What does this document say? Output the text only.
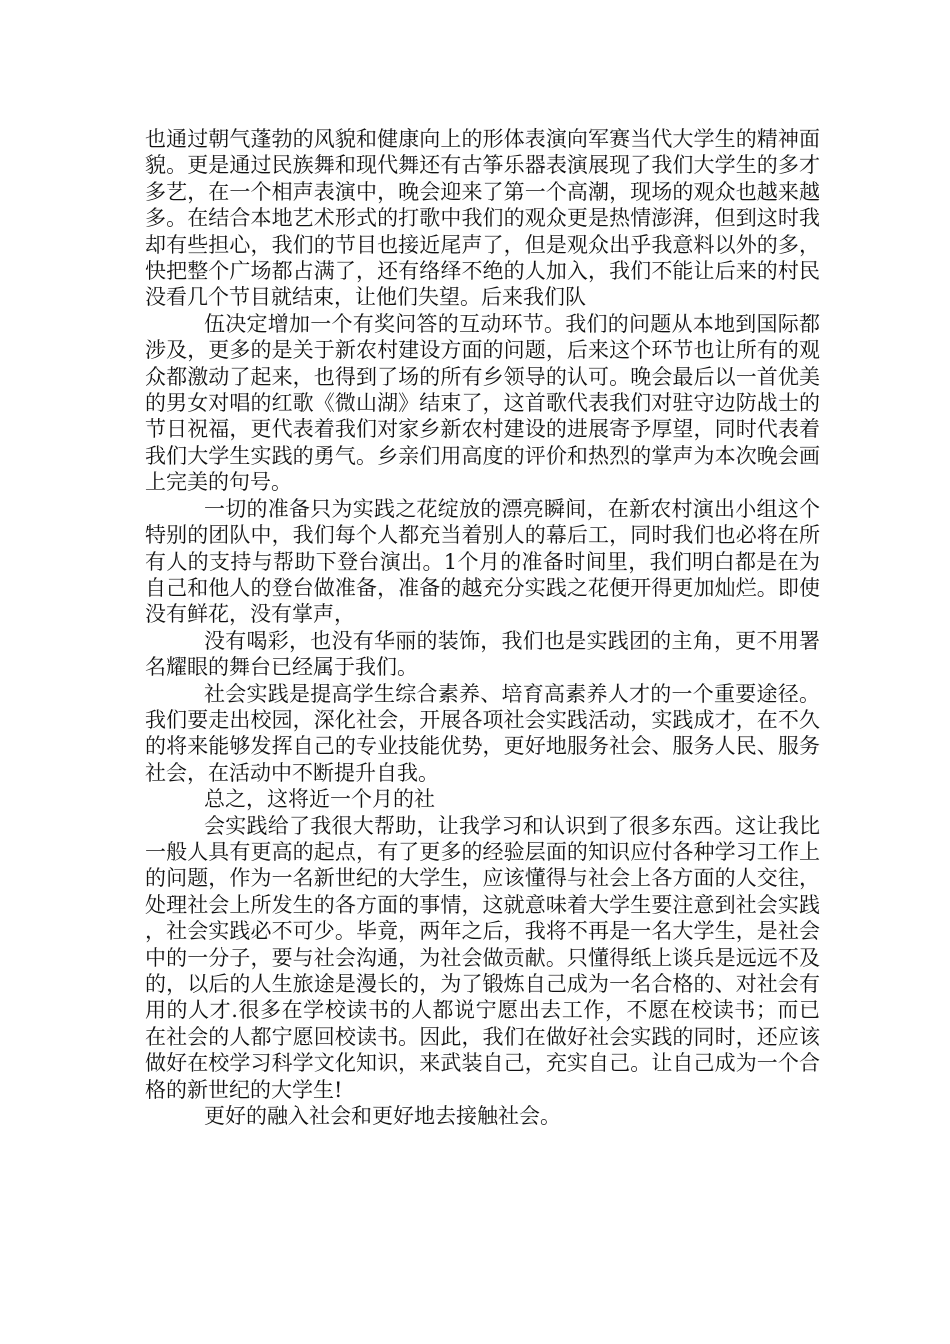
也通过朝气蓬勃的风貌和健康向上的形体表演向军赛当代大学生的精神面貌。更是通过民族舞和现代舞还有古筝乐器表演展现了我们大学生的多才多艺，在一个相声表演中，晚会迎来了第一个高潮，现场的观众也越来越多。在结合本地艺术形式的打歌中我们的观众更是热情澎湃，但到这时我却有些担心，我们的节目也接近尾声了，但是观众出乎我意料以外的多，快把整个广场都占满了，还有络绎不绝的人加入，我们不能让后来的村民没看几个节目就结束，让他们失望。后来我们队

伍决定增加一个有奖问答的互动环节。我们的问题从本地到国际都涉及，更多的是关于新农村建设方面的问题，后来这个环节也让所有的观众都激动了起来，也得到了场的所有乡领导的认可。晚会最后以一首优美的男女对唱的红歌《微山湖》结束了，这首歌代表我们对驻守边防战士的节日祝福，更代表着我们对家乡新农村建设的进展寄予厚望，同时代表着我们大学生实践的勇气。乡亲们用高度的评价和热烈的掌声为本次晚会画上完美的句号。

一切的准备只为实践之花绽放的漂亮瞬间，在新农村演出小组这个特别的团队中，我们每个人都充当着别人的幕后工，同时我们也必将在所有人的支持与帮助下登台演出。1个月的准备时间里，我们明白都是在为自己和他人的登台做准备，准备的越充分实践之花便开得更加灿烂。即使没有鲜花，没有掌声，

没有喝彩，也没有华丽的装饰，我们也是实践团的主角，更不用署名耀眼的舞台已经属于我们。

社会实践是提高学生综合素养、培育高素养人才的一个重要途径。我们要走出校园，深化社会，开展各项社会实践活动，实践成才，在不久的将来能够发挥自己的专业技能优势，更好地服务社会、服务人民、服务社会，在活动中不断提升自我。

总之，这将近一个月的社

会实践给了我很大帮助，让我学习和认识到了很多东西。这让我比一般人具有更高的起点，有了更多的经验层面的知识应付各种学习工作上的问题，作为一名新世纪的大学生，应该懂得与社会上各方面的人交往，处理社会上所发生的各方面的事情，这就意味着大学生要注意到社会实践，社会实践必不可少。毕竟，两年之后，我将不再是一名大学生，是社会中的一分子，要与社会沟通，为社会做贡献。只懂得纸上谈兵是远远不及的，以后的人生旅途是漫长的，为了锻炼自己成为一名合格的、对社会有用的人才.很多在学校读书的人都说宁愿出去工作，不愿在校读书；而已在社会的人都宁愿回校读书。因此，我们在做好社会实践的同时，还应该做好在校学习科学文化知识，来武装自己，充实自己。让自己成为一个合格的新世纪的大学生!

更好的融入社会和更好地去接触社会。
